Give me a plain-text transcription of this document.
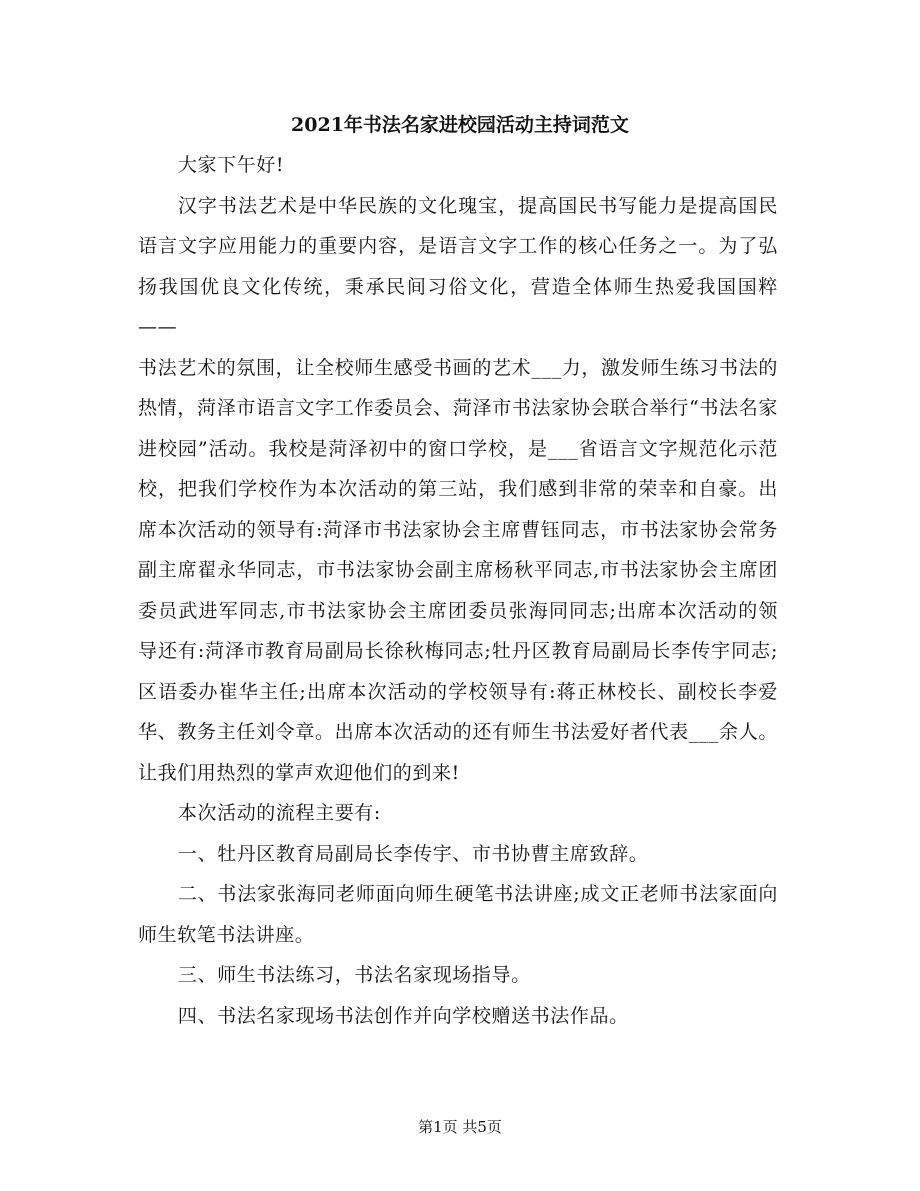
2021年书法名家进校园活动主持词范文

大家下午好!

汉字书法艺术是中华民族的文化瑰宝，提高国民书写能力是提高国民语言文字应用能力的重要内容，是语言文字工作的核心任务之一。为了弘扬我国优良文化传统，秉承民间习俗文化，营造全体师生热爱我国国粹——

书法艺术的氛围，让全校师生感受书画的艺术___力，激发师生练习书法的热情，菏泽市语言文字工作委员会、菏泽市书法家协会联合举行“书法名家进校园”活动。我校是菏泽初中的窗口学校，是___省语言文字规范化示范校，把我们学校作为本次活动的第三站，我们感到非常的荣幸和自豪。出席本次活动的领导有:菏泽市书法家协会主席曹钰同志，市书法家协会常务副主席翟永华同志，市书法家协会副主席杨秋平同志,市书法家协会主席团委员武进军同志,市书法家协会主席团委员张海同同志;出席本次活动的领导还有:菏泽市教育局副局长徐秋梅同志;牡丹区教育局副局长李传宇同志;区语委办崔华主任;出席本次活动的学校领导有:蒋正林校长、副校长李爱华、教务主任刘令章。出席本次活动的还有师生书法爱好者代表___余人。让我们用热烈的掌声欢迎他们的到来!

本次活动的流程主要有:

一、牡丹区教育局副局长李传宇、市书协曹主席致辞。

二、书法家张海同老师面向师生硬笔书法讲座;成文正老师书法家面向师生软笔书法讲座。

三、师生书法练习，书法名家现场指导。

四、书法名家现场书法创作并向学校赠送书法作品。

第1页 共5页
